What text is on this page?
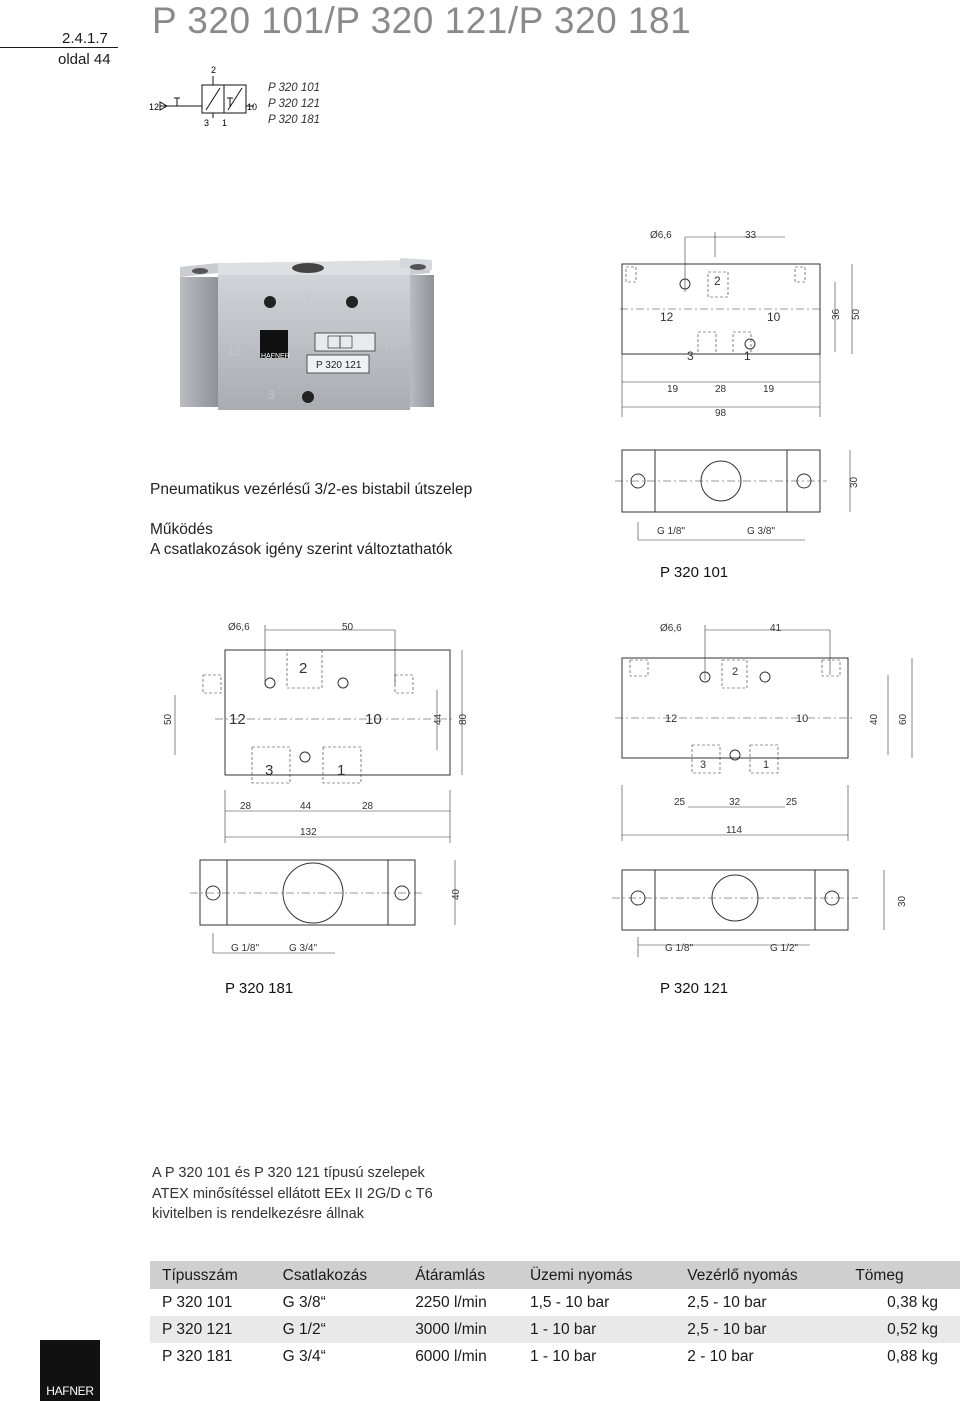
2.4.1.7
oldal 44
P 320 101/P 320 121/P 320 181
12
2
10
3 1
P 320 101
P 320 121
P 320 181
HAFNER
P 320 121
12
2
10
3
Ø6,6	33
2
12	10
3	1
36 50
19	28	19
98
30
G 1/8"	G 3/8"
P 320 101
Ø6,6	50
2
12	10
3	1
50	44 80
28	44	28
132
40
G 1/8"	G 3/4"
P 320 181
Ø6,6	41
2
12	10
3	1
40 60
25	32	25
114
30
G 1/8"	G 1/2"
P 320 121
Pneumatikus vezérlésű 3/2-es bistabil útszelep
Működés
A csatlakozások igény szerint változtathatók
A P 320 101 és P 320 121 típusú szelepek
ATEX minősítéssel ellátott EEx II 2G/D c T6
kivitelben is rendelkezésre állnak
Típusszám	Csatlakozás	Átáramlás	Üzemi nyomás	Vezérlő nyomás	Tömeg
P 320 101	G 3/8“	2250 l/min	1,5 - 10 bar	2,5 - 10 bar	0,38 kg
P 320 121	G 1/2“	3000 l/min	1 - 10 bar	2,5 - 10 bar	0,52 kg
P 320 181	G 3/4“	6000 l/min	1 - 10 bar	2 - 10 bar	0,88 kg
HAFNER
